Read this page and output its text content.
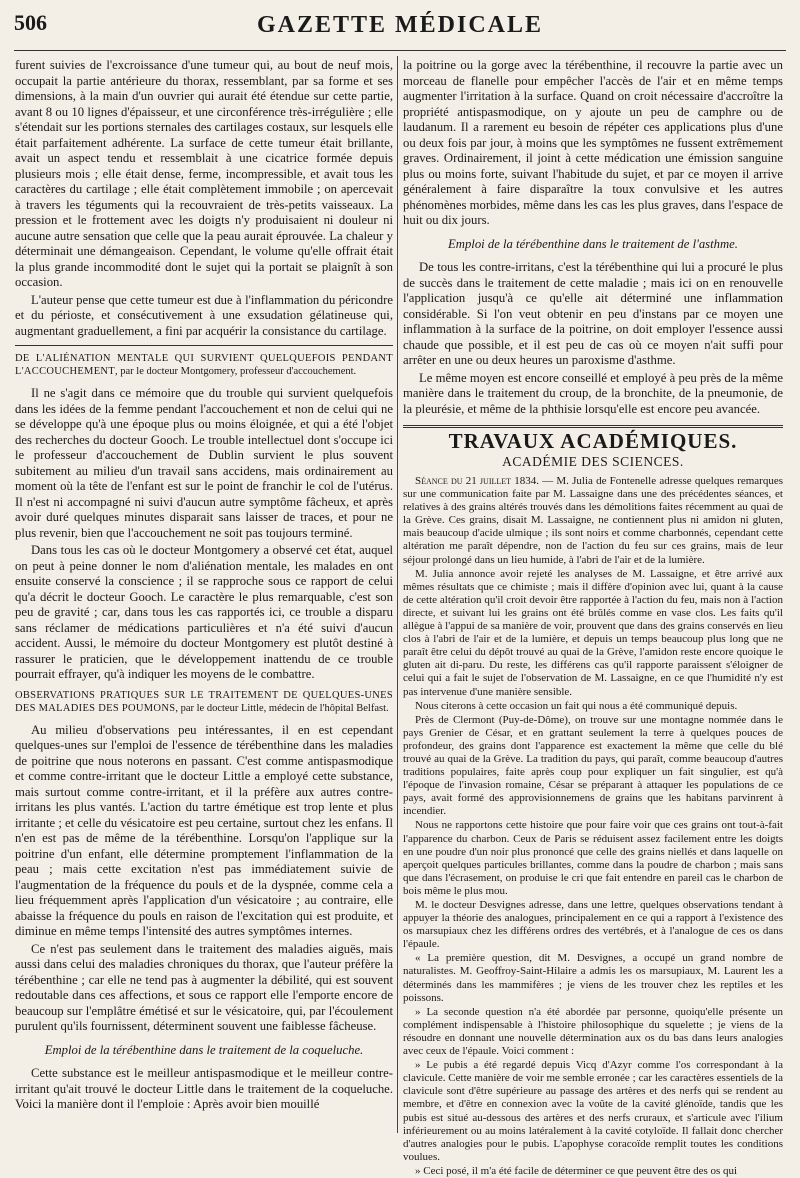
506	GAZETTE MÉDICALE

furent suivies de l'excroissance d'une tumeur qui, au bout de neuf mois, occupait la partie antérieure du thorax, ressemblant, par sa forme et ses dimensions, à la main d'un ouvrier qui aurait été étendue sur cette partie, avant 8 ou 10 lignes d'épaisseur, et une circonférence très-irrégulière ; elle s'étendait sur les portions sternales des cartilages costaux, sur lesquels elle était parfaitement adhérente. La surface de cette tumeur était brillante, avait un aspect tendu et ressemblait à une cicatrice formée depuis plusieurs mois ; elle était dense, ferme, incompressible, et avait tous les caractères du cartilage ; elle était complètement immobile ; on apercevait à travers les téguments qui la recouvraient de très-petits vaisseaux. La pression et le frottement avec les doigts n'y produisaient ni douleur ni aucune autre sensation que celle que la peau aurait éprouvée. La chaleur y déterminait une démangeaison. Cependant, le volume qu'elle offrait était la plus grande incommodité dont le sujet qui la portait se plaignît à son occasion.

L'auteur pense que cette tumeur est due à l'inflammation du péricondre et du périoste, et consécutivement à une exsudation gélatineuse qui, augmentant graduellement, a fini par acquérir la consistance du cartilage.

DE L'ALIÉNATION MENTALE QUI SURVIENT QUELQUEFOIS PENDANT L'ACCOUCHEMENT, par le docteur Montgomery, professeur d'accouchement.

Il ne s'agit dans ce mémoire que du trouble qui survient quelquefois dans les idées de la femme pendant l'accouchement et non de celui qui ne se développe qu'à une époque plus ou moins éloignée, et qui a été l'objet des recherches du docteur Gooch. Le trouble intellectuel dont s'occupe ici le professeur d'accouchement de Dublin survient le plus souvent subitement au milieu d'un travail sans accidens, mais ordinairement au moment où la tête de l'enfant est sur le point de franchir le col de l'utérus. Il n'est ni accompagné ni suivi d'aucun autre symptôme fâcheux, et après avoir duré quelques minutes disparait sans laisser de traces, et pour ne plus revenir, bien que l'accouchement ne soit pas toujours terminé.

Dans tous les cas où le docteur Montgomery a observé cet état, auquel on peut à peine donner le nom d'aliénation mentale, les malades en ont ensuite conservé la conscience ; il se rapproche sous ce rapport de celui qu'a décrit le docteur Gooch. Le caractère le plus remarquable, c'est son peu de gravité ; car, dans tous les cas rapportés ici, ce trouble a disparu sans réclamer de médications particulières et n'a été suivi d'aucun accident. Aussi, le mémoire du docteur Montgomery est plutôt destiné à rassurer le praticien, que le développement inattendu de ce trouble pourrait effrayer, qu'à indiquer les moyens de le combattre.

OBSERVATIONS PRATIQUES SUR LE TRAITEMENT DE QUELQUES-UNES DES MALADIES DES POUMONS, par le docteur Little, médecin de l'hôpital Belfast.

Au milieu d'observations peu intéressantes, il en est cependant quelques-unes sur l'emploi de l'essence de térébenthine dans les maladies de poitrine que nous noterons en passant. C'est comme antispasmodique et comme contre-irritant que le docteur Little a employé cette substance, mais surtout comme contre-irritant, et il la préfère aux autres contre-irritans les plus vantés. L'action du tartre émétique est trop lente et plus irritante ; et celle du vésicatoire est peu certaine, surtout chez les enfans. Il n'en est pas de même de la térébenthine. Lorsqu'on l'applique sur la poitrine d'un enfant, elle détermine promptement l'inflammation de la peau ; mais cette excitation n'est pas immédiatement suivie de l'augmentation de la fréquence du pouls et de la dyspnée, comme cela a lieu fréquemment après l'application d'un vésicatoire ; au contraire, elle abaisse la fréquence du pouls en raison de l'excitation qui est produite, et diminue en même temps l'intensité des autres symptômes internes.

Ce n'est pas seulement dans le traitement des maladies aiguës, mais aussi dans celui des maladies chroniques du thorax, que l'auteur préfère la térébenthine ; car elle ne tend pas à augmenter la débilité, qui est souvent redoutable dans ces affections, et sous ce rapport elle l'emporte encore de beaucoup sur l'emplâtre émétisé et sur le vésicatoire, qui, par l'écoulement purulent qu'ils fournissent, déterminent souvent une faiblesse fâcheuse.

Emploi de la térébenthine dans le traitement de la coqueluche.

Cette substance est le meilleur antispasmodique et le meilleur contre-irritant qu'ait trouvé le docteur Little dans le traitement de la coqueluche. Voici la manière dont il l'emploie : Après avoir bien mouillé

la poitrine ou la gorge avec la térébenthine, il recouvre la partie avec un morceau de flanelle pour empêcher l'accès de l'air et en même temps augmenter l'irritation à la surface. Quand on croit nécessaire d'accroître la propriété antispasmodique, on y ajoute un peu de camphre ou de laudanum. Il a rarement eu besoin de répéter ces applications plus d'une ou deux fois par jour, à moins que les symptômes ne fussent extrêmement graves. Ordinairement, il joint à cette médication une émission sanguine plus ou moins forte, suivant l'habitude du sujet, et par ce moyen il arrive généralement à faire disparaître la toux convulsive et les autres phénomènes morbides, même dans les cas les plus graves, dans l'espace de huit ou dix jours.

Emploi de la térébenthine dans le traitement de l'asthme.

De tous les contre-irritans, c'est la térébenthine qui lui a procuré le plus de succès dans le traitement de cette maladie ; mais ici on en renouvelle l'application jusqu'à ce qu'elle ait déterminé une inflammation considérable. Si l'on veut obtenir en peu d'instans par ce moyen une inflammation à la surface de la poitrine, on doit employer l'essence aussi chaude que possible, et il est peu de cas où ce moyen n'ait suffi pour arrêter en une ou deux heures un paroxisme d'asthme.

Le même moyen est encore conseillé et employé à peu près de la même manière dans le traitement du croup, de la bronchite, de la pneumonie, de la pleurésie, et même de la phthisie lorsqu'elle est encore peu avancée.

TRAVAUX ACADÉMIQUES.
ACADÉMIE DES SCIENCES.

Séance du 21 juillet 1834. — M. Julia de Fontenelle adresse quelques remarques sur une communication faite par M. Lassaigne dans une des précédentes séances, et relatives à des grains altérés trouvés dans les démolitions faites récemment au quai de la Grève. Ces grains, disait M. Lassaigne, ne contiennent plus ni amidon ni gluten, mais beaucoup d'acide ulmique ; ils sont noirs et comme charbonnés, cependant cette altération me paraît dépendre, non de l'action du feu sur ces grains, mais de leur séjour prolongé dans un lieu humide, à l'abri de l'air et de la lumière.

M. Julia annonce avoir rejeté les analyses de M. Lassaigne, et être arrivé aux mêmes résultats que ce chimiste ; mais il diffère d'opinion avec lui, quant à la cause de cette altération qu'il croit devoir être rapportée à l'action du feu, mais non à l'action directe, et suivant lui les grains ont été brûlés comme en vase clos. Les faits qu'il allègue à l'appui de sa manière de voir, prouvent que dans des grains conservés en lieu clos à l'abri de l'air et de la lumière, et depuis un temps beaucoup plus long que ne paraît être celui du dépôt trouvé au quai de la Grève, l'amidon reste encore quoique le gluten ait di-paru. Du reste, les différens cas qu'il rapporte paraissent s'éloigner de celui qui a fait le sujet de l'observation de M. Lassaigne, en ce que l'humidité n'y est pas intervenue d'une manière sensible.

Nous citerons à cette occasion un fait qui nous a été communiqué depuis.

Près de Clermont (Puy-de-Dôme), on trouve sur une montagne nommée dans le pays Grenier de César, et en grattant seulement la terre à quelques pouces de profondeur, des grains dont l'apparence est exactement la même que celle du blé trouvé au quai de la Grève. La tradition du pays, qui paraît, comme beaucoup d'autres traditions populaires, faite après coup pour expliquer un fait singulier, est qu'à l'époque de l'invasion romaine, César se préparant à attaquer les populations de ce pays, avait formé des approvisionnemens de grains que les habitans parvinrent à incendier.

Nous ne rapportons cette histoire que pour faire voir que ces grains ont tout-à-fait l'apparence du charbon. Ceux de Paris se réduisent assez facilement entre les doigts en une poudre d'un noir plus prononcé que celle des grains niellés et dans laquelle on aperçoit quelques particules brillantes, comme dans la poudre de charbon ; mais sans que dans l'écrasement, on produise le cri que fait entendre en pareil cas le charbon de bois même le plus mou.

M. le docteur Desvignes adresse, dans une lettre, quelques observations tendant à appuyer la théorie des analogues, principalement en ce qui a rapport à l'existence des os marsupiaux chez les différens ordres des vertébrés, et à l'analogue de ces os dans l'épaule.

« La première question, dit M. Desvignes, a occupé un grand nombre de naturalistes. M. Geoffroy-Saint-Hilaire a admis les os marsupiaux, M. Laurent les a déterminés dans les mammifères ; je viens de les trouver chez les reptiles et les poissons.

» La seconde question n'a été abordée par personne, quoiqu'elle présente un complément indispensable à l'histoire philosophique du squelette ; je viens de la résoudre en donnant une nouvelle détermination aux os du bas dans leurs analogies avec ceux de l'épaule. Voici comment :

» Le pubis a été regardé depuis Vicq d'Azyr comme l'os correspondant à la clavicule. Cette manière de voir me semble erronée ; car les caractères essentiels de la clavicule sont d'être supérieure au passage des artères et des nerfs qui se rendent au membre, et d'être en connexion avec la voûte de la cavité glénoïde, tandis que les pubis est situé au-dessous des artères et des nerfs cruraux, et s'articule avec l'ilium inférieurement ou au moins latéralement à la cavité cotyloïde. Il fallait donc chercher d'autres analogies pour le pubis. L'apophyse coracoïde remplit toutes les conditions voulues.

» Ceci posé, il m'a été facile de déterminer ce que peuvent être des os qui
